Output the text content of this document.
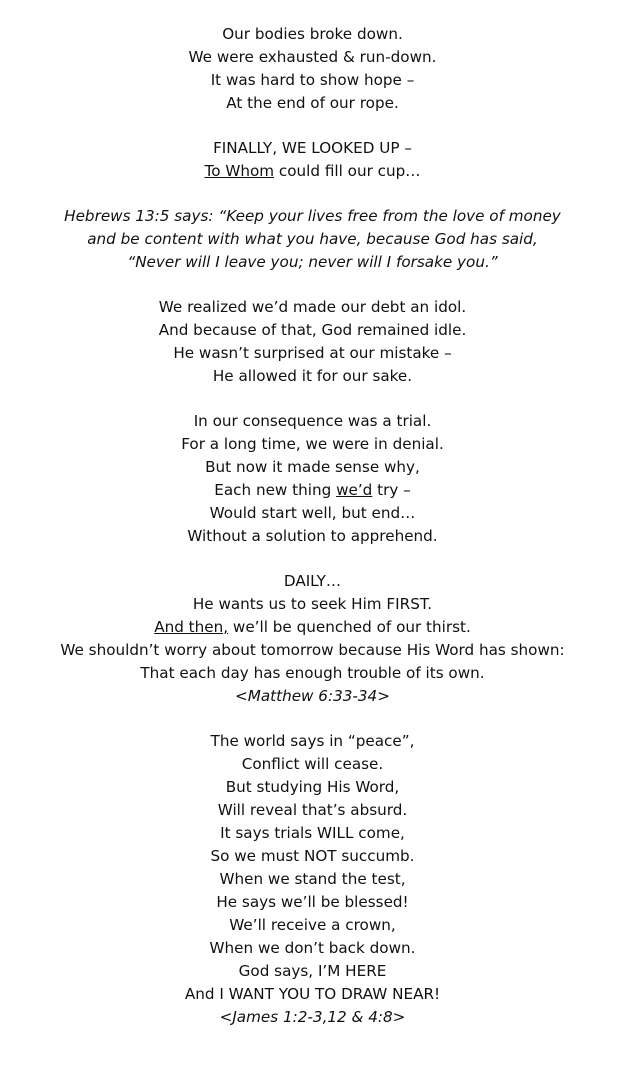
Our bodies broke down.
We were exhausted & run-down.
It was hard to show hope –
At the end of our rope.
FINALLY, WE LOOKED UP –
To Whom could fill our cup…
Hebrews 13:5 says: “Keep your lives free from the love of money
and be content with what you have, because God has said,
“Never will I leave you; never will I forsake you.”
We realized we’d made our debt an idol.
And because of that, God remained idle.
He wasn’t surprised at our mistake –
He allowed it for our sake.
In our consequence was a trial.
For a long time, we were in denial.
But now it made sense why,
Each new thing we’d try –
Would start well, but end…
Without a solution to apprehend.
DAILY…
He wants us to seek Him FIRST.
And then, we’ll be quenched of our thirst.
We shouldn’t worry about tomorrow because His Word has shown:
That each day has enough trouble of its own.
<Matthew 6:33-34>
The world says in “peace”,
Conflict will cease.
But studying His Word,
Will reveal that’s absurd.
It says trials WILL come,
So we must NOT succumb.
When we stand the test,
He says we’ll be blessed!
We’ll receive a crown,
When we don’t back down.
God says, I’M HERE
And I WANT YOU TO DRAW NEAR!
<James 1:2-3,12 & 4:8>
